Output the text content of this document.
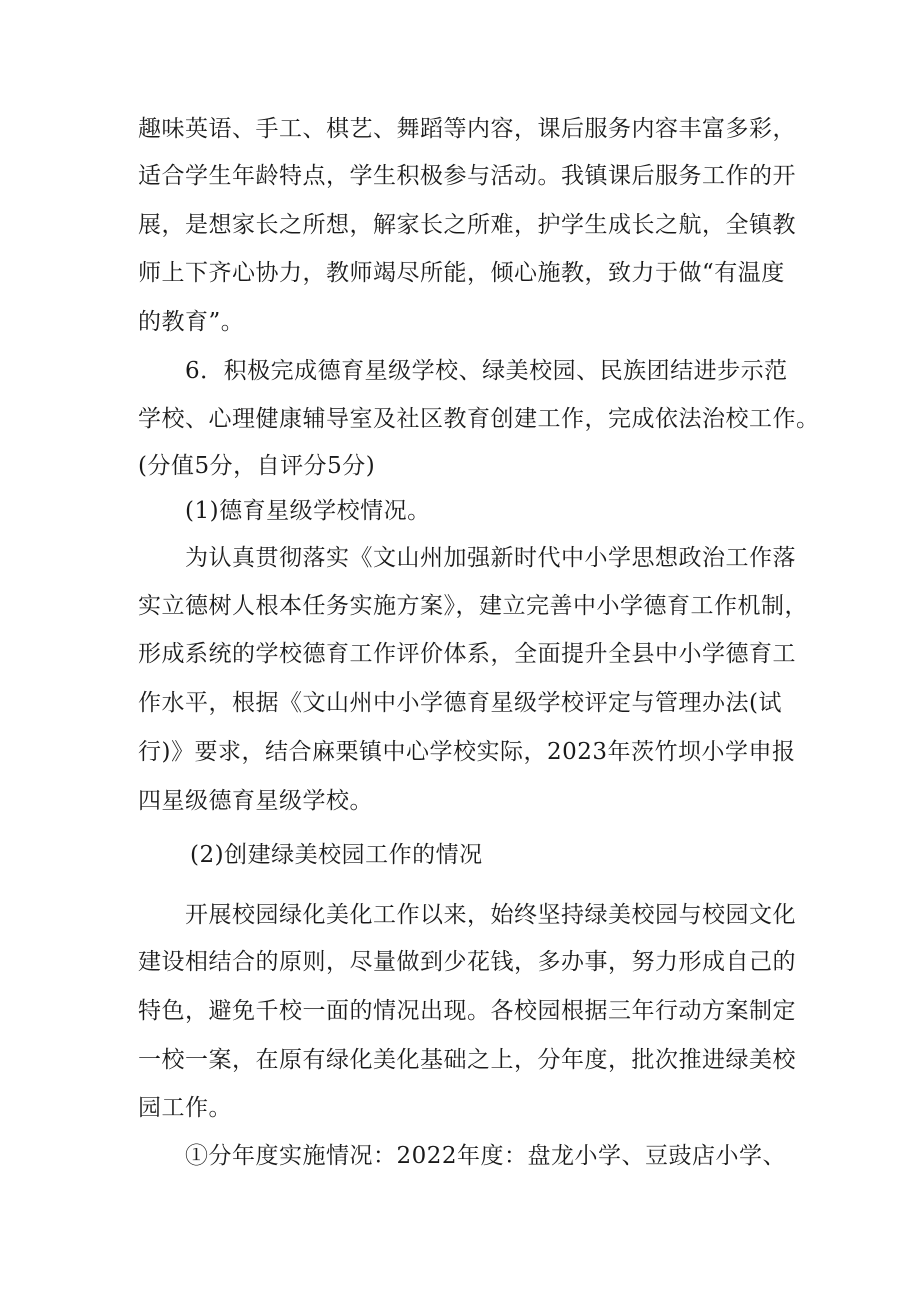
趣味英语、手工、棋艺、舞蹈等内容，课后服务内容丰富多彩，
适合学生年龄特点，学生积极参与活动。我镇课后服务工作的开
展，是想家长之所想，解家长之所难，护学生成长之航，全镇教
师上下齐心协力，教师竭尽所能，倾心施教，致力于做“有温度
的教育”。
6．积极完成德育星级学校、绿美校园、民族团结进步示范
学校、心理健康辅导室及社区教育创建工作，完成依法治校工作。
(分值5分，自评分5分)
(1)德育星级学校情况。
为认真贯彻落实《文山州加强新时代中小学思想政治工作落
实立德树人根本任务实施方案》，建立完善中小学德育工作机制，
形成系统的学校德育工作评价体系，全面提升全县中小学德育工
作水平，根据《文山州中小学德育星级学校评定与管理办法(试
行)》要求，结合麻栗镇中心学校实际，2023年茨竹坝小学申报
四星级德育星级学校。
(2)创建绿美校园工作的情况
开展校园绿化美化工作以来，始终坚持绿美校园与校园文化
建设相结合的原则，尽量做到少花钱，多办事，努力形成自己的
特色，避免千校一面的情况出现。各校园根据三年行动方案制定
一校一案，在原有绿化美化基础之上，分年度，批次推进绿美校
园工作。
①分年度实施情况：2022年度：盘龙小学、豆豉店小学、
